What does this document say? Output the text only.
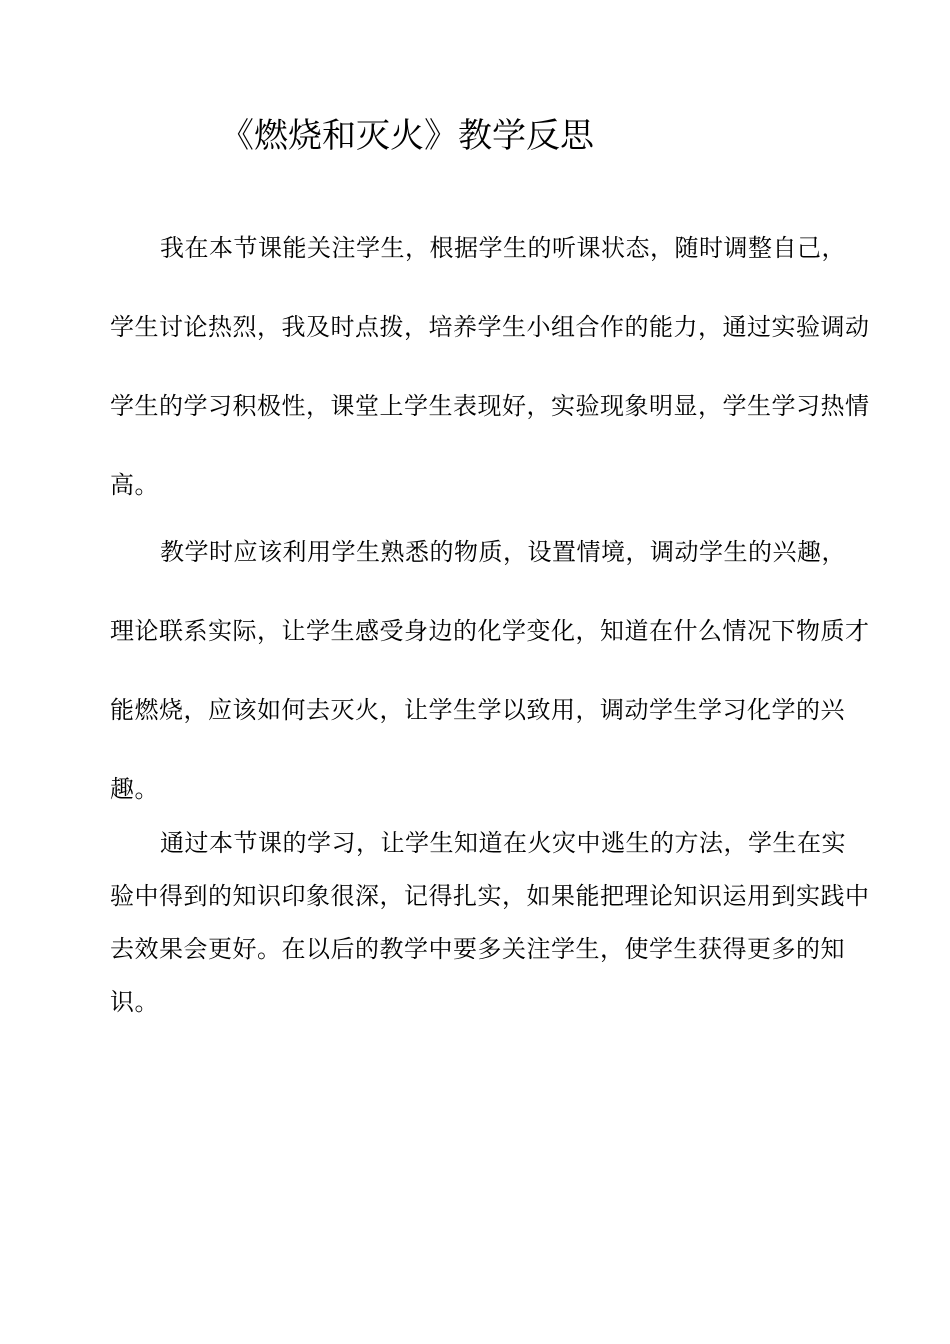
《燃烧和灭火》教学反思

我在本节课能关注学生，根据学生的听课状态，随时调整自己，学生讨论热烈，我及时点拨，培养学生小组合作的能力，通过实验调动学生的学习积极性，课堂上学生表现好，实验现象明显，学生学习热情高。

教学时应该利用学生熟悉的物质，设置情境，调动学生的兴趣，理论联系实际，让学生感受身边的化学变化，知道在什么情况下物质才能燃烧，应该如何去灭火，让学生学以致用，调动学生学习化学的兴趣。

通过本节课的学习，让学生知道在火灾中逃生的方法，学生在实验中得到的知识印象很深，记得扎实，如果能把理论知识运用到实践中去效果会更好。在以后的教学中要多关注学生，使学生获得更多的知识。
